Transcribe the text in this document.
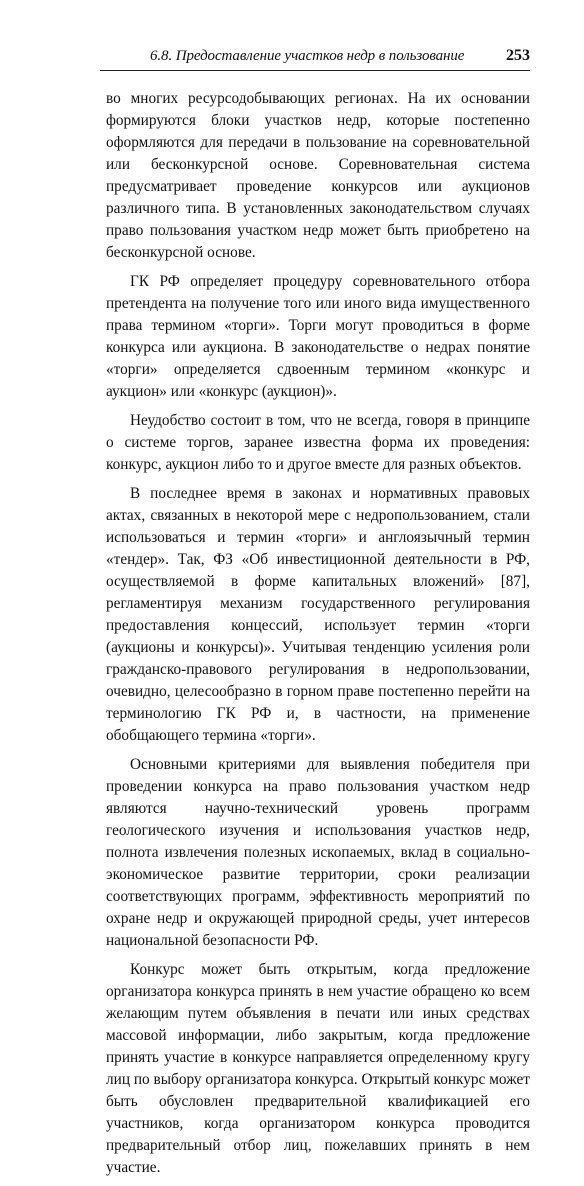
6.8. Предоставление участков недр в пользование	253

во многих ресурсодобывающих регионах. На их основании формируются блоки участков недр, которые постепенно оформляются для передачи в пользование на соревновательной или бесконкурсной основе. Соревновательная система предусматривает проведение конкурсов или аукционов различного типа. В установленных законодательством случаях право пользования участком недр может быть приобретено на бесконкурсной основе.

ГК РФ определяет процедуру соревновательного отбора претендента на получение того или иного вида имущественного права термином «торги». Торги могут проводиться в форме конкурса или аукциона. В законодательстве о недрах понятие «торги» определяется сдвоенным термином «конкурс и аукцион» или «конкурс (аукцион)».

Неудобство состоит в том, что не всегда, говоря в принципе о системе торгов, заранее известна форма их проведения: конкурс, аукцион либо то и другое вместе для разных объектов.

В последнее время в законах и нормативных правовых актах, связанных в некоторой мере с недропользованием, стали использоваться и термин «торги» и англоязычный термин «тендер». Так, ФЗ «Об инвестиционной деятельности в РФ, осуществляемой в форме капитальных вложений» [87], регламентируя механизм государственного регулирования предоставления концессий, использует термин «торги (аукционы и конкурсы)». Учитывая тенденцию усиления роли гражданско-правового регулирования в недропользовании, очевидно, целесообразно в горном праве постепенно перейти на терминологию ГК РФ и, в частности, на применение обобщающего термина «торги».

Основными критериями для выявления победителя при проведении конкурса на право пользования участком недр являются научно-технический уровень программ геологического изучения и использования участков недр, полнота извлечения полезных ископаемых, вклад в социально-экономическое развитие территории, сроки реализации соответствующих программ, эффективность мероприятий по охране недр и окружающей природной среды, учет интересов национальной безопасности РФ.

Конкурс может быть открытым, когда предложение организатора конкурса принять в нем участие обращено ко всем желающим путем объявления в печати или иных средствах массовой информации, либо закрытым, когда предложение принять участие в конкурсе направляется определенному кругу лиц по выбору организатора конкурса. Открытый конкурс может быть обусловлен предварительной квалификацией его участников, когда организатором конкурса проводится предварительный отбор лиц, пожелавших принять в нем участие.
